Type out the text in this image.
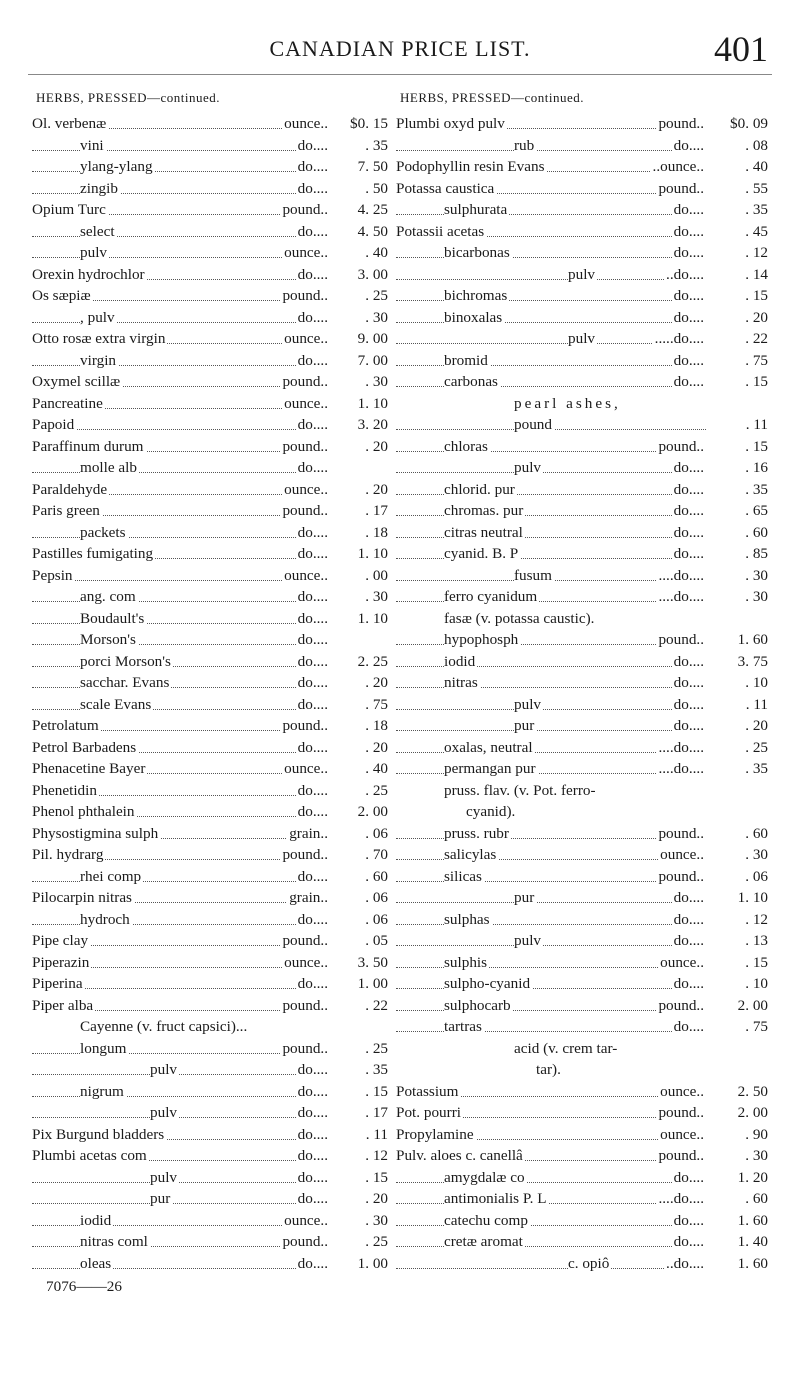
CANADIAN PRICE LIST.	401
HERBS, PRESSED—continued.
Ol. verbenæ	ounce..	$0. 15
vini	do....	. 35
ylang-ylang	do....	7. 50
zingib	do....	. 50
Opium Turc	pound..	4. 25
select	do....	4. 50
pulv	ounce..	. 40
Orexin hydrochlor	do....	3. 00
Os sæpiæ	pound..	. 25
, pulv	do....	. 30
Otto rosæ extra virgin	ounce..	9. 00
virgin	do....	7. 00
Oxymel scillæ	pound..	. 30
Pancreatine	ounce..	1. 10
Papoid	do....	3. 20
Paraffinum durum	pound..	. 20
molle alb	do....
Paraldehyde	ounce..	. 20
Paris green	pound..	. 17
packets	do....	. 18
Pastilles fumigating	do....	1. 10
Pepsin	ounce..	. 00
ang. com	do....	. 30
Boudault's	do....	1. 10
Morson's	do....
porci Morson's	do....	2. 25
sacchar. Evans	do....	. 20
scale Evans	do....	. 75
Petrolatum	pound..	. 18
Petrol Barbadens	do....	. 20
Phenacetine Bayer	ounce..	. 40
Phenetidin	do....	. 25
Phenol phthalein	do....	2. 00
Physostigmina sulph	grain..	. 06
Pil. hydrarg	pound..	. 70
rhei comp	do....	. 60
Pilocarpin nitras	grain..	. 06
hydroch	do....	. 06
Pipe clay	pound..	. 05
Piperazin	ounce..	3. 50
Piperina	do....	1. 00
Piper alba	pound..	. 22
Cayenne (v. fruct capsici)...
longum	pound..	. 25
pulv	do....	. 35
nigrum	do....	. 15
pulv	do....	. 17
Pix Burgund bladders	do....	. 11
Plumbi acetas com	do....	. 12
pulv	do....	. 15
pur	do....	. 20
iodid	ounce..	. 30
nitras coml	pound..	. 25
oleas	do....	1. 00
7076——26
HERBS, PRESSED—continued.
Plumbi oxyd pulv	pound..	$0. 09
rub	do....	. 08
Podophyllin resin Evans	..ounce..	. 40
Potassa caustica	pound..	. 55
sulphurata	do....	. 35
Potassii acetas	do....	. 45
bicarbonas	do....	. 12
pulv	..do....	. 14
bichromas	do....	. 15
binoxalas	do....	. 20
pulv	.....do....	. 22
bromid	do....	. 75
carbonas	do....	. 15
pearl ashes,
pound	. 11
chloras	pound..	. 15
pulv	do....	. 16
chlorid. pur	do....	. 35
chromas. pur	do....	. 65
citras neutral	do....	. 60
cyanid. B. P	do....	. 85
fusum	....do....	. 30
ferro cyanidum	....do....	. 30
fasæ (v. potassa caustic).
hypophosph	pound..	1. 60
iodid	do....	3. 75
nitras	do....	. 10
pulv	do....	. 11
pur	do....	. 20
oxalas, neutral	....do....	. 25
permangan pur	....do....	. 35
pruss. flav. (v. Pot. ferro-
cyanid).
pruss. rubr	pound..	. 60
salicylas	ounce..	. 30
silicas	pound..	. 06
pur	do....	1. 10
sulphas	do....	. 12
pulv	do....	. 13
sulphis	ounce..	. 15
sulpho-cyanid	do....	. 10
sulphocarb	pound..	2. 00
tartras	do....	. 75
acid (v. crem tar-
tar).
Potassium	ounce..	2. 50
Pot. pourri	pound..	2. 00
Propylamine	ounce..	. 90
Pulv. aloes c. canellâ	pound..	. 30
amygdalæ co	do....	1. 20
antimonialis P. L	....do....	. 60
catechu comp	do....	1. 60
cretæ aromat	do....	1. 40
c. opiô	..do....	1. 60
